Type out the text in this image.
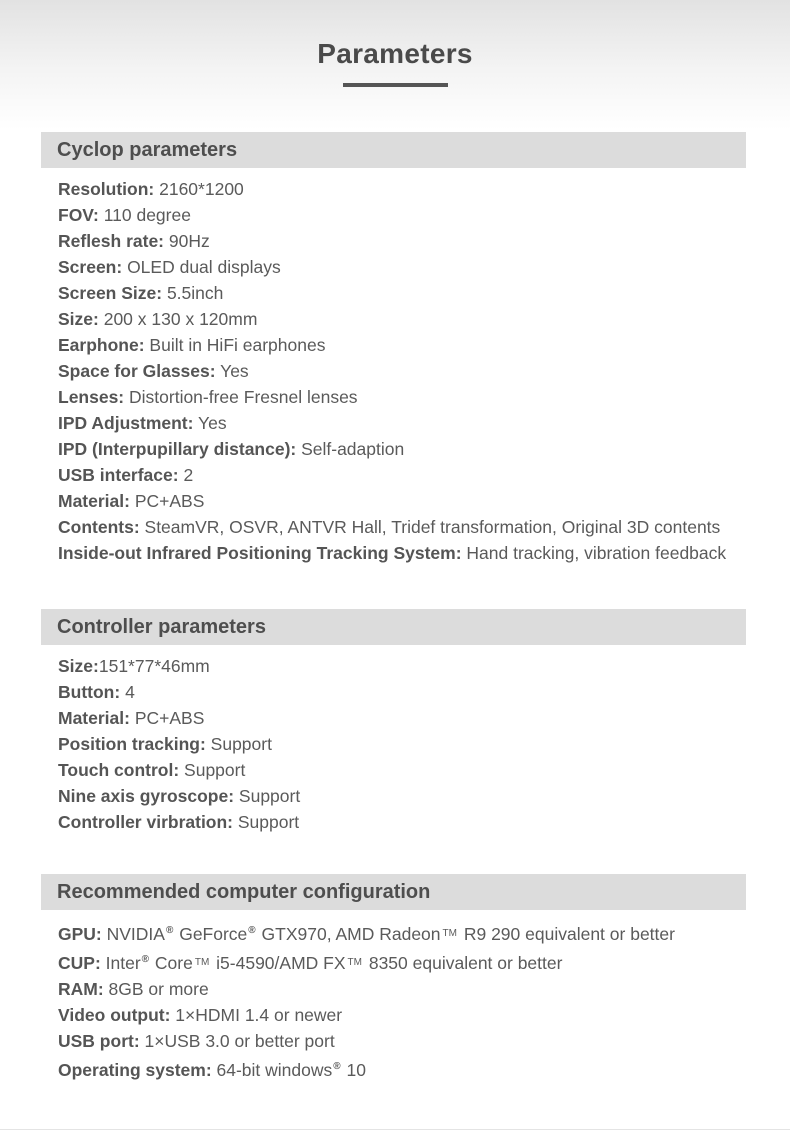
Parameters
Cyclop parameters
Resolution: 2160*1200
FOV: 110 degree
Reflesh rate: 90Hz
Screen: OLED dual displays
Screen Size: 5.5inch
Size: 200 x 130 x 120mm
Earphone: Built in HiFi earphones
Space for Glasses: Yes
Lenses: Distortion-free Fresnel lenses
IPD Adjustment: Yes
IPD (Interpupillary distance): Self-adaption
USB interface: 2
Material: PC+ABS
Contents: SteamVR, OSVR, ANTVR Hall, Tridef transformation, Original 3D contents
Inside-out Infrared Positioning Tracking System: Hand tracking, vibration feedback
Controller parameters
Size:151*77*46mm
Button: 4
Material: PC+ABS
Position tracking: Support
Touch control: Support
Nine axis gyroscope: Support
Controller virbration: Support
Recommended computer configuration
GPU: NVIDIA® GeForce® GTX970, AMD Radeon ™ R9 290 equivalent or better
CUP: Inter® Core ™ i5-4590/AMD FX ™ 8350 equivalent or better
RAM: 8GB or more
Video output: 1×HDMI 1.4 or newer
USB port: 1×USB 3.0 or better port
Operating system: 64-bit windows® 10
